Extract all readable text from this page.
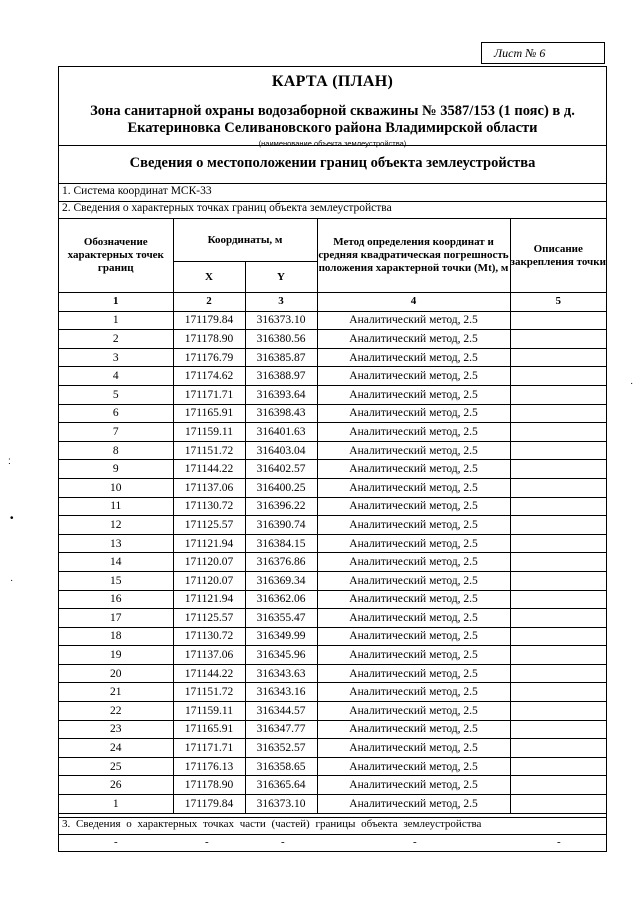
Лист № 6
КАРТА (ПЛАН)
Зона санитарной охраны водозаборной скважины № 3587/153 (1 пояс) в д. Екатериновка Селивановского района Владимирской области
(наименование объекта землеустройства)
Сведения о местоположении границ объекта землеустройства
1. Система координат МСК-33
2. Сведения о характерных точках границ объекта землеустройства
Обозначение характерных точек границ	Координаты, м		Метод определения координат и средняя квадратическая погрешность положения характерной точки (Mt), м	Описание закрепления точки
	X	Y		
1	2	3	4	5
1	171179.84	316373.10	Аналитический метод, 2.5	
2	171178.90	316380.56	Аналитический метод, 2.5	
3	171176.79	316385.87	Аналитический метод, 2.5	
4	171174.62	316388.97	Аналитический метод, 2.5	
5	171171.71	316393.64	Аналитический метод, 2.5	
6	171165.91	316398.43	Аналитический метод, 2.5	
7	171159.11	316401.63	Аналитический метод, 2.5	
8	171151.72	316403.04	Аналитический метод, 2.5	
9	171144.22	316402.57	Аналитический метод, 2.5	
10	171137.06	316400.25	Аналитический метод, 2.5	
11	171130.72	316396.22	Аналитический метод, 2.5	
12	171125.57	316390.74	Аналитический метод, 2.5	
13	171121.94	316384.15	Аналитический метод, 2.5	
14	171120.07	316376.86	Аналитический метод, 2.5	
15	171120.07	316369.34	Аналитический метод, 2.5	
16	171121.94	316362.06	Аналитический метод, 2.5	
17	171125.57	316355.47	Аналитический метод, 2.5	
18	171130.72	316349.99	Аналитический метод, 2.5	
19	171137.06	316345.96	Аналитический метод, 2.5	
20	171144.22	316343.63	Аналитический метод, 2.5	
21	171151.72	316343.16	Аналитический метод, 2.5	
22	171159.11	316344.57	Аналитический метод, 2.5	
23	171165.91	316347.77	Аналитический метод, 2.5	
24	171171.71	316352.57	Аналитический метод, 2.5	
25	171176.13	316358.65	Аналитический метод, 2.5	
26	171178.90	316365.64	Аналитический метод, 2.5	
1	171179.84	316373.10	Аналитический метод, 2.5	
3. Сведения о характерных точках части (частей) границы объекта землеустройства
-	-	-	-	-
:
•
·
·
